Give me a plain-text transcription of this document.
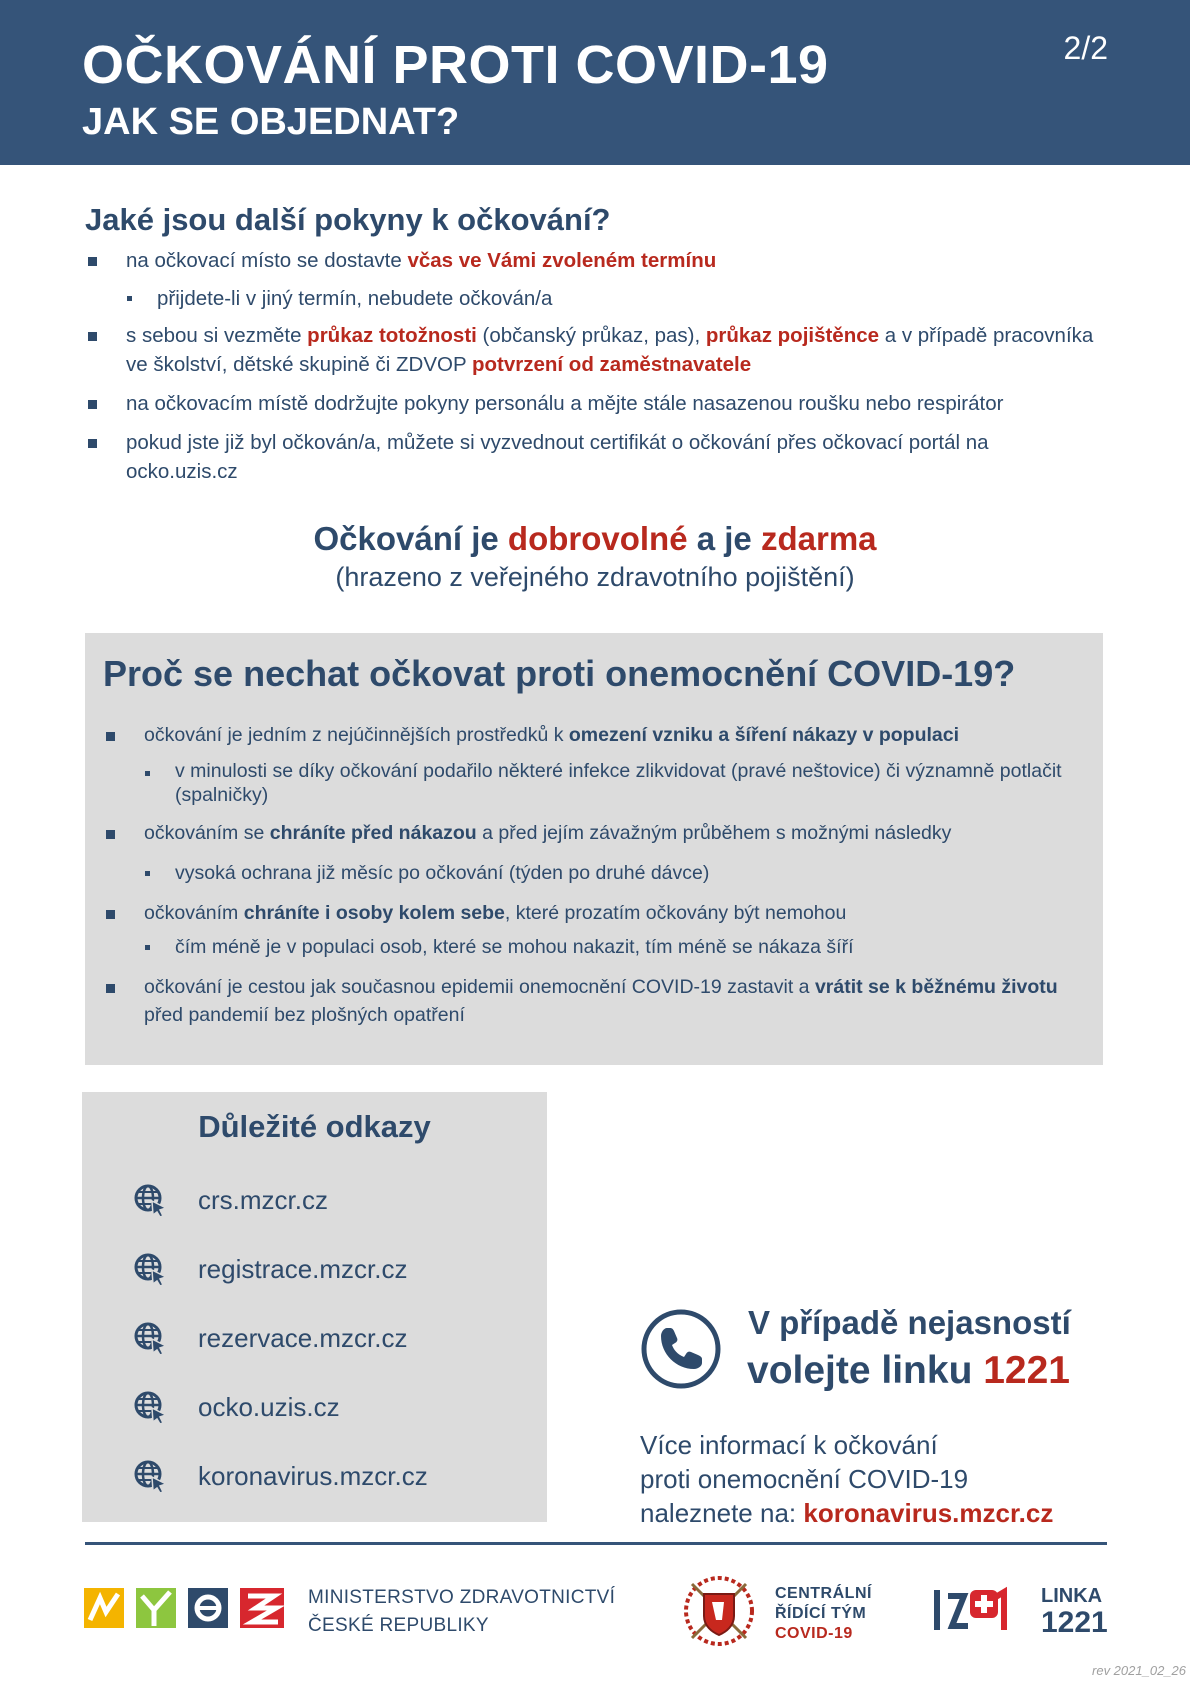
OČKOVÁNÍ PROTI COVID-19
JAK SE OBJEDNAT?
2/2
Jaké jsou další pokyny k očkování?
na očkovací místo se dostavte včas ve Vámi zvoleném termínu
přijdete-li v jiný termín, nebudete očkován/a
s sebou si vezměte průkaz totožnosti (občanský průkaz, pas), průkaz pojištěnce a v případě pracovníka ve školství, dětské skupině či ZDVOP potvrzení od zaměstnavatele
na očkovacím místě dodržujte pokyny personálu a mějte stále nasazenou roušku nebo respirátor
pokud jste již byl očkován/a, můžete si vyzvednout certifikát o očkování přes očkovací portál na ocko.uzis.cz
Očkování je dobrovolné a je zdarma
(hrazeno z veřejného zdravotního pojištění)
Proč se nechat očkovat proti onemocnění COVID-19?
očkování je jedním z nejúčinnějších prostředků k omezení vzniku a šíření nákazy v populaci
v minulosti se díky očkování podařilo některé infekce zlikvidovat (pravé neštovice) či významně potlačit (spalničky)
očkováním se chráníte před nákazou a před jejím závažným průběhem s možnými následky
vysoká ochrana již měsíc po očkování (týden po druhé dávce)
očkováním chráníte i osoby kolem sebe, které prozatím očkovány být nemohou
čím méně je v populaci osob, které se mohou nakazit, tím méně se nákaza šíří
očkování je cestou jak současnou epidemii onemocnění COVID-19 zastavit a vrátit se k běžnému životu před pandemií bez plošných opatření
Důležité odkazy
crs.mzcr.cz
registrace.mzcr.cz
rezervace.mzcr.cz
ocko.uzis.cz
koronavirus.mzcr.cz
V případě nejasností
volejte linku 1221
Více informací k očkování
proti onemocnění COVID-19
naleznete na: koronavirus.mzcr.cz
MINISTERSTVO ZDRAVOTNICTVÍ
ČESKÉ REPUBLIKY
CENTRÁLNÍ
ŘÍDÍCÍ TÝM
COVID-19
LINKA
1221
rev 2021_02_26
